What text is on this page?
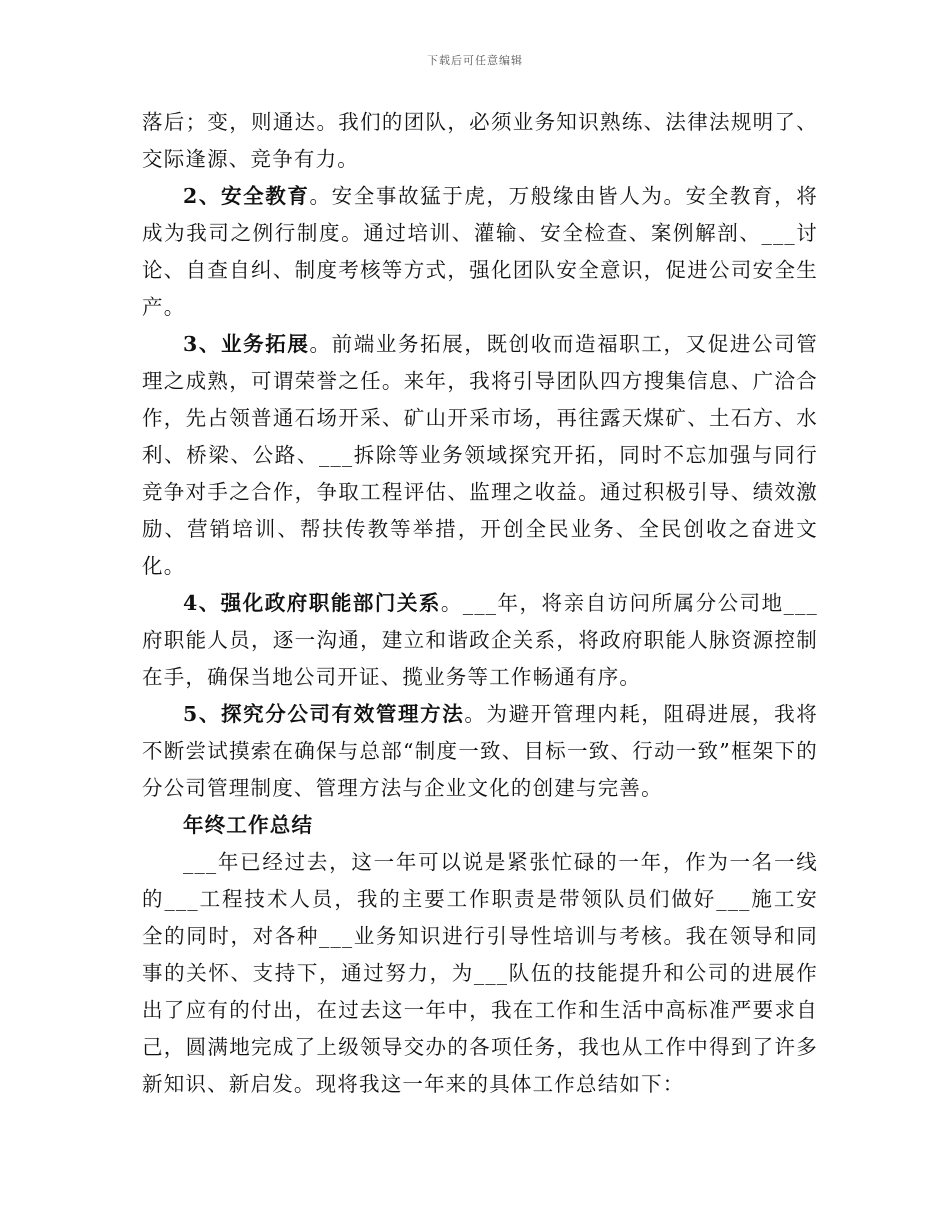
下载后可任意编辑

落后；变，则通达。我们的团队，必须业务知识熟练、法律法规明了、交际逢源、竞争有力。

2、安全教育。安全事故猛于虎，万般缘由皆人为。安全教育，将成为我司之例行制度。通过培训、灌输、安全检查、案例解剖、___讨论、自查自纠、制度考核等方式，强化团队安全意识，促进公司安全生产。

3、业务拓展。前端业务拓展，既创收而造福职工，又促进公司管理之成熟，可谓荣誉之任。来年，我将引导团队四方搜集信息、广洽合作，先占领普通石场开采、矿山开采市场，再往露天煤矿、土石方、水利、桥梁、公路、___拆除等业务领域探究开拓，同时不忘加强与同行竞争对手之合作，争取工程评估、监理之收益。通过积极引导、绩效激励、营销培训、帮扶传教等举措，开创全民业务、全民创收之奋进文化。

4、强化政府职能部门关系。___年，将亲自访问所属分公司地___府职能人员，逐一沟通，建立和谐政企关系，将政府职能人脉资源控制在手，确保当地公司开证、揽业务等工作畅通有序。

5、探究分公司有效管理方法。为避开管理内耗，阻碍进展，我将不断尝试摸索在确保与总部“制度一致、目标一致、行动一致”框架下的分公司管理制度、管理方法与企业文化的创建与完善。

年终工作总结

___年已经过去，这一年可以说是紧张忙碌的一年，作为一名一线的___工程技术人员，我的主要工作职责是带领队员们做好___施工安全的同时，对各种___业务知识进行引导性培训与考核。我在领导和同事的关怀、支持下，通过努力，为___队伍的技能提升和公司的进展作出了应有的付出，在过去这一年中，我在工作和生活中高标准严要求自己，圆满地完成了上级领导交办的各项任务，我也从工作中得到了许多新知识、新启发。现将我这一年来的具体工作总结如下：
